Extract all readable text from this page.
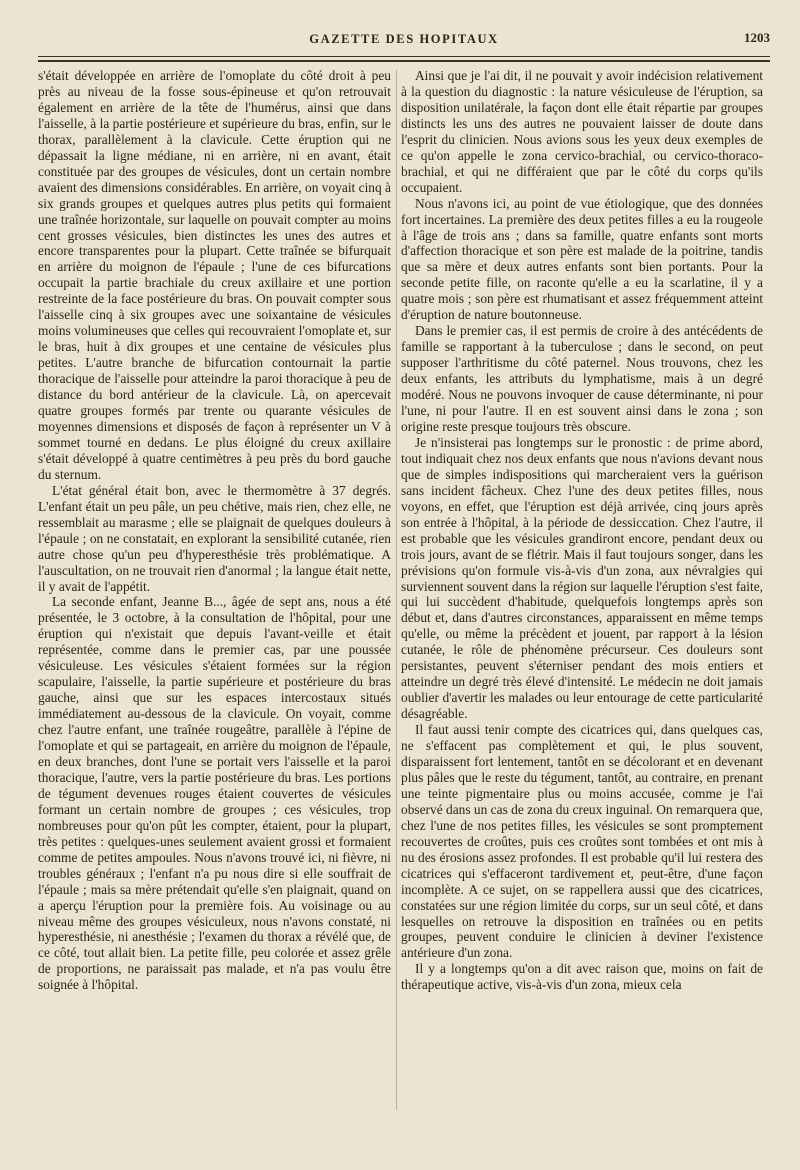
GAZETTE DES HOPITAUX	1203

s'était développée en arrière de l'omoplate du côté droit à peu près au niveau de la fosse sous-épineuse et qu'on retrouvait également en arrière de la tête de l'humérus, ainsi que dans l'aisselle, à la partie postérieure et supérieure du bras, enfin, sur le thorax, parallèlement à la clavicule. Cette éruption qui ne dépassait la ligne médiane, ni en arrière, ni en avant, était constituée par des groupes de vésicules, dont un certain nombre avaient des dimensions considérables. En arrière, on voyait cinq à six grands groupes et quelques autres plus petits qui formaient une traînée horizontale, sur laquelle on pouvait compter au moins cent grosses vésicules, bien distinctes les unes des autres et encore transparentes pour la plupart. Cette traînée se bifurquait en arrière du moignon de l'épaule ; l'une de ces bifurcations occupait la partie brachiale du creux axillaire et une portion restreinte de la face postérieure du bras. On pouvait compter sous l'aisselle cinq à six groupes avec une soixantaine de vésicules moins volumineuses que celles qui recouvraient l'omoplate et, sur le bras, huit à dix groupes et une centaine de vésicules plus petites. L'autre branche de bifurcation contournait la partie thoracique de l'aisselle pour atteindre la paroi thoracique à peu de distance du bord antérieur de la clavicule. Là, on apercevait quatre groupes formés par trente ou quarante vésicules de moyennes dimensions et disposés de façon à représenter un V à sommet tourné en dedans. Le plus éloigné du creux axillaire s'était développé à quatre centimètres à peu près du bord gauche du sternum.

L'état général était bon, avec le thermomètre à 37 degrés. L'enfant était un peu pâle, un peu chétive, mais rien, chez elle, ne ressemblait au marasme ; elle se plaignait de quelques douleurs à l'épaule ; on ne constatait, en explorant la sensibilité cutanée, rien autre chose qu'un peu d'hyperesthésie très problématique. A l'auscultation, on ne trouvait rien d'anormal ; la langue était nette, il y avait de l'appétit.

La seconde enfant, Jeanne B..., âgée de sept ans, nous a été présentée, le 3 octobre, à la consultation de l'hôpital, pour une éruption qui n'existait que depuis l'avant-veille et était représentée, comme dans le premier cas, par une poussée vésiculeuse. Les vésicules s'étaient formées sur la région scapulaire, l'aisselle, la partie supérieure et postérieure du bras gauche, ainsi que sur les espaces intercostaux situés immédiatement au-dessous de la clavicule. On voyait, comme chez l'autre enfant, une traînée rougeâtre, parallèle à l'épine de l'omoplate et qui se partageait, en arrière du moignon de l'épaule, en deux branches, dont l'une se portait vers l'aisselle et la paroi thoracique, l'autre, vers la partie postérieure du bras. Les portions de tégument devenues rouges étaient couvertes de vésicules formant un certain nombre de groupes ; ces vésicules, trop nombreuses pour qu'on pût les compter, étaient, pour la plupart, très petites : quelques-unes seulement avaient grossi et formaient comme de petites ampoules. Nous n'avons trouvé ici, ni fièvre, ni troubles généraux ; l'enfant n'a pu nous dire si elle souffrait de l'épaule ; mais sa mère prétendait qu'elle s'en plaignait, quand on a aperçu l'éruption pour la première fois. Au voisinage ou au niveau même des groupes vésiculeux, nous n'avons constaté, ni hyperesthésie, ni anesthésie ; l'examen du thorax a révélé que, de ce côté, tout allait bien. La petite fille, peu colorée et assez grêle de proportions, ne paraissait pas malade, et n'a pas voulu être soignée à l'hôpital.

Ainsi que je l'ai dit, il ne pouvait y avoir indécision relativement à la question du diagnostic : la nature vésiculeuse de l'éruption, sa disposition unilatérale, la façon dont elle était répartie par groupes distincts les uns des autres ne pouvaient laisser de doute dans l'esprit du clinicien. Nous avions sous les yeux deux exemples de ce qu'on appelle le zona cervico-brachial, ou cervico-thoraco-brachial, et qui ne différaient que par le côté du corps qu'ils occupaient.

Nous n'avons ici, au point de vue étiologique, que des données fort incertaines. La première des deux petites filles a eu la rougeole à l'âge de trois ans ; dans sa famille, quatre enfants sont morts d'affection thoracique et son père est malade de la poitrine, tandis que sa mère et deux autres enfants sont bien portants. Pour la seconde petite fille, on raconte qu'elle a eu la scarlatine, il y a quatre mois ; son père est rhumatisant et assez fréquemment atteint d'éruption de nature boutonneuse.

Dans le premier cas, il est permis de croire à des antécédents de famille se rapportant à la tuberculose ; dans le second, on peut supposer l'arthritisme du côté paternel. Nous trouvons, chez les deux enfants, les attributs du lymphatisme, mais à un degré modéré. Nous ne pouvons invoquer de cause déterminante, ni pour l'une, ni pour l'autre. Il en est souvent ainsi dans le zona ; son origine reste presque toujours très obscure.

Je n'insisterai pas longtemps sur le pronostic : de prime abord, tout indiquait chez nos deux enfants que nous n'avions devant nous que de simples indispositions qui marcheraient vers la guérison sans incident fâcheux. Chez l'une des deux petites filles, nous voyons, en effet, que l'éruption est déjà arrivée, cinq jours après son entrée à l'hôpital, à la période de dessiccation. Chez l'autre, il est probable que les vésicules grandiront encore, pendant deux ou trois jours, avant de se flétrir. Mais il faut toujours songer, dans les prévisions qu'on formule vis-à-vis d'un zona, aux névralgies qui surviennent souvent dans la région sur laquelle l'éruption s'est faite, qui lui succèdent d'habitude, quelquefois longtemps après son début et, dans d'autres circonstances, apparaissent en même temps qu'elle, ou même la précèdent et jouent, par rapport à la lésion cutanée, le rôle de phénomène précurseur. Ces douleurs sont persistantes, peuvent s'éterniser pendant des mois entiers et atteindre un degré très élevé d'intensité. Le médecin ne doit jamais oublier d'avertir les malades ou leur entourage de cette particularité désagréable.

Il faut aussi tenir compte des cicatrices qui, dans quelques cas, ne s'effacent pas complètement et qui, le plus souvent, disparaissent fort lentement, tantôt en se décolorant et en devenant plus pâles que le reste du tégument, tantôt, au contraire, en prenant une teinte pigmentaire plus ou moins accusée, comme je l'ai observé dans un cas de zona du creux inguinal. On remarquera que, chez l'une de nos petites filles, les vésicules se sont promptement recouvertes de croûtes, puis ces croûtes sont tombées et ont mis à nu des érosions assez profondes. Il est probable qu'il lui restera des cicatrices qui s'effaceront tardivement et, peut-être, d'une façon incomplète. A ce sujet, on se rappellera aussi que des cicatrices, constatées sur une région limitée du corps, sur un seul côté, et dans lesquelles on retrouve la disposition en traînées ou en petits groupes, peuvent conduire le clinicien à deviner l'existence antérieure d'un zona.

Il y a longtemps qu'on a dit avec raison que, moins on fait de thérapeutique active, vis-à-vis d'un zona, mieux cela
